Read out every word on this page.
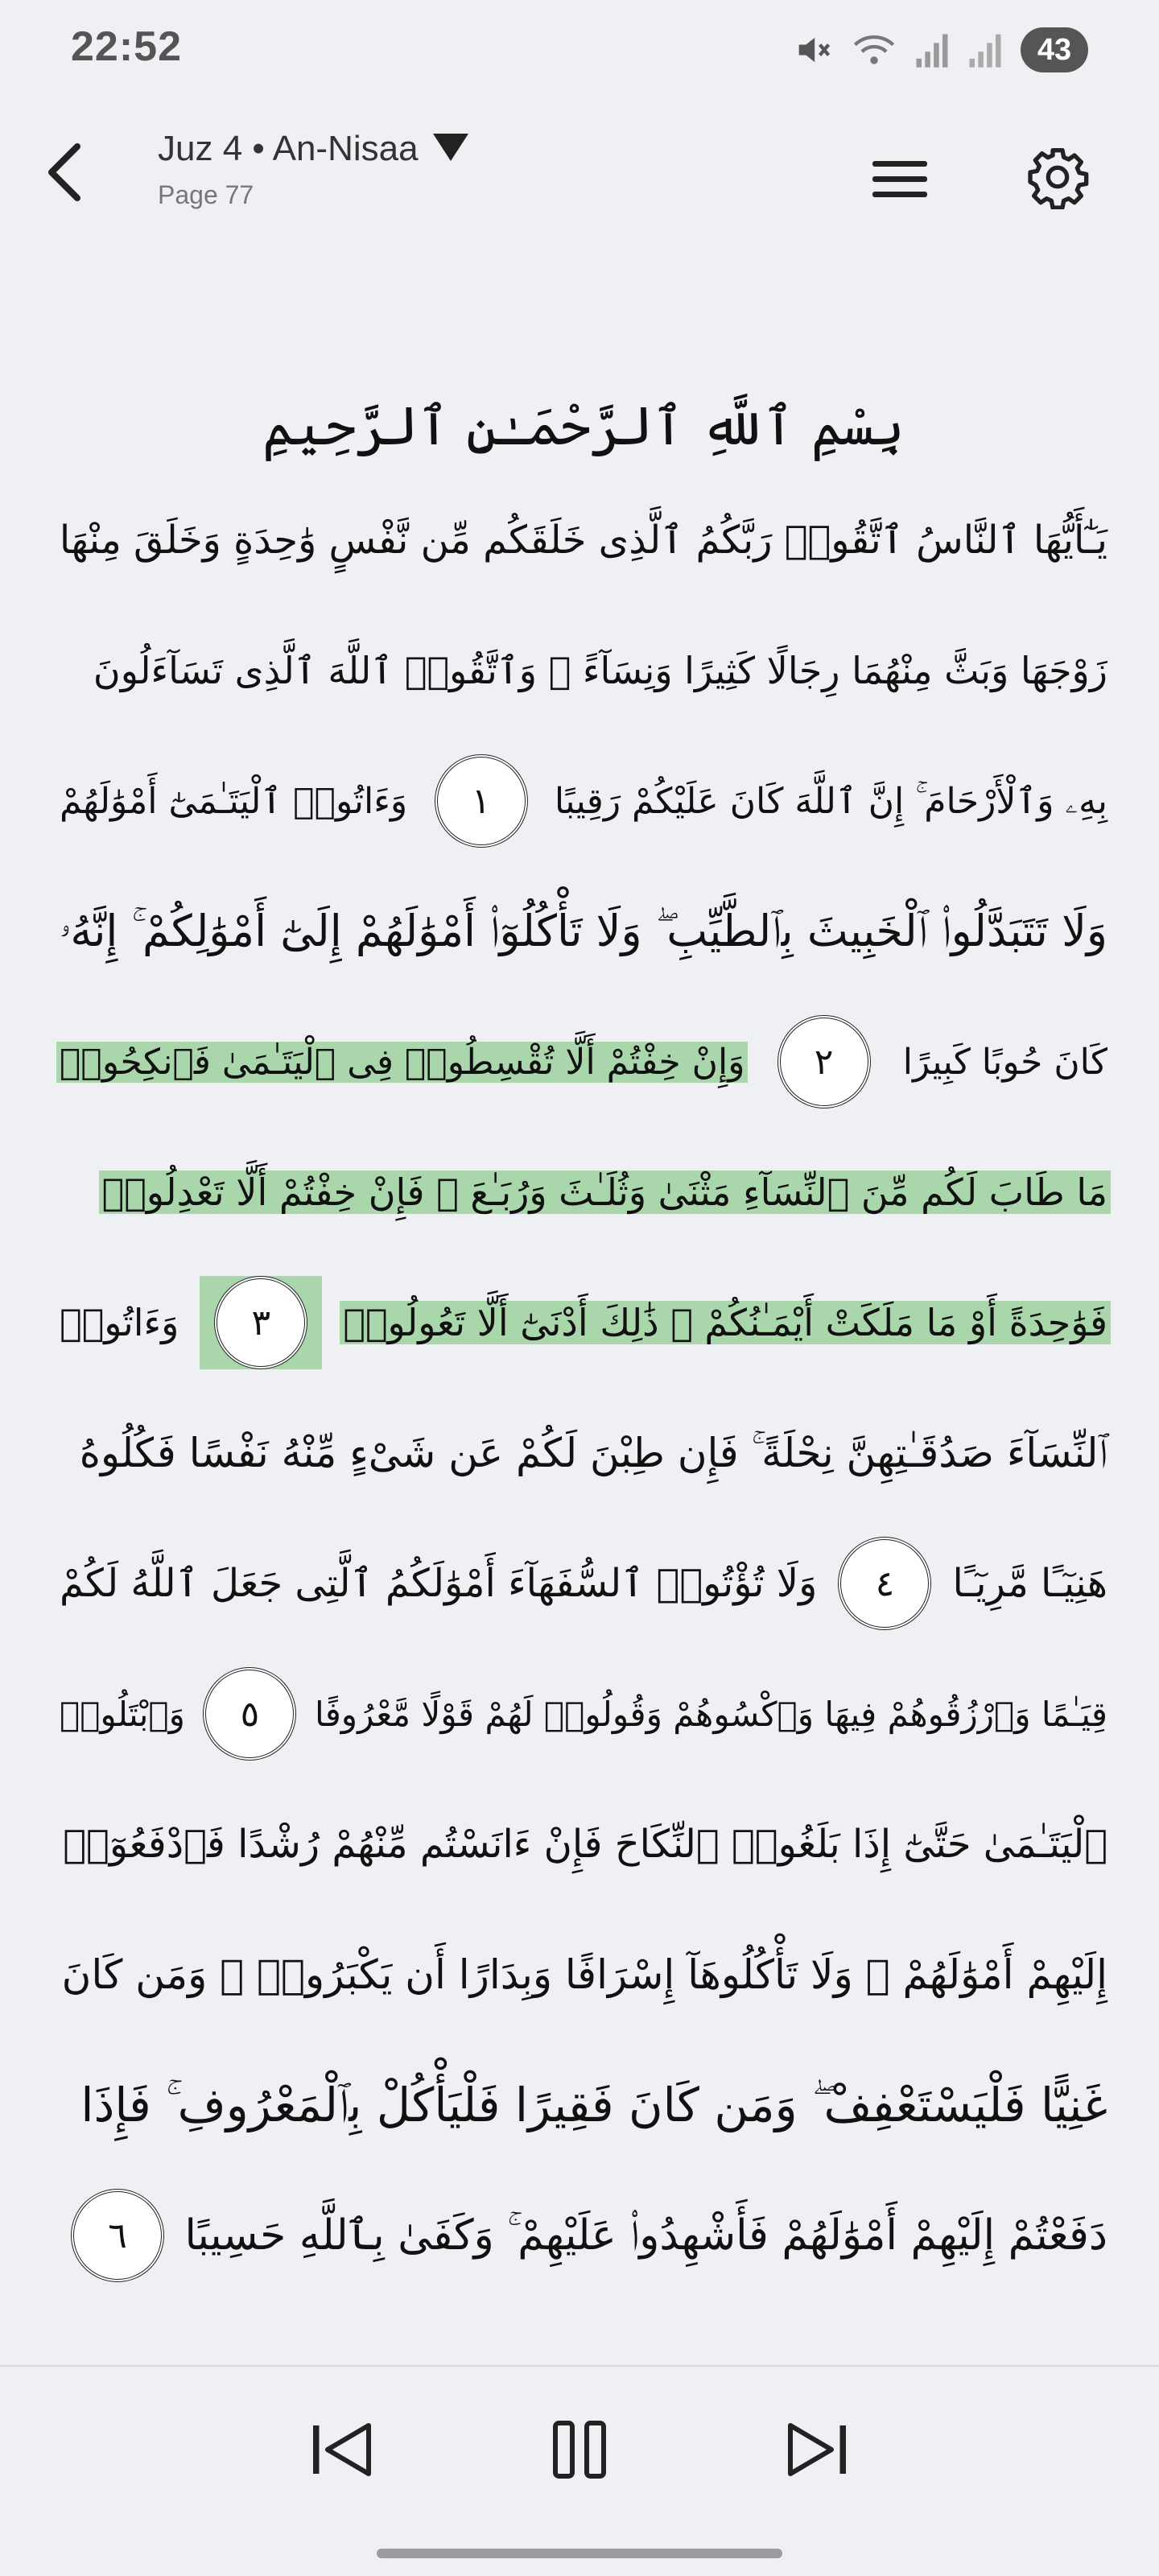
22:52	43
Juz 4 • An-Nisaa
Page 77
بِسْمِ ٱللَّهِ ٱلرَّحْمَـٰنِ ٱلرَّحِيمِ
يَـٰٓأَيُّهَا ٱلنَّاسُ ٱتَّقُوا۟ رَبَّكُمُ ٱلَّذِى خَلَقَكُم مِّن نَّفْسٍ وَٰحِدَةٍ وَخَلَقَ مِنْهَا
زَوْجَهَا وَبَثَّ مِنْهُمَا رِجَالًا كَثِيرًا وَنِسَآءً ۚ وَٱتَّقُوا۟ ٱللَّهَ ٱلَّذِى تَسَآءَلُونَ
بِهِۦ وَٱلْأَرْحَامَ ۚ إِنَّ ٱللَّهَ كَانَ عَلَيْكُمْ رَقِيبًا
١
وَءَاتُوا۟ ٱلْيَتَـٰمَىٰٓ أَمْوَٰلَهُمْ
وَلَا تَتَبَدَّلُوا۟ ٱلْخَبِيثَ بِٱلطَّيِّبِ ۖ وَلَا تَأْكُلُوٓا۟ أَمْوَٰلَهُمْ إِلَىٰٓ أَمْوَٰلِكُمْ ۚ إِنَّهُۥ
كَانَ حُوبًا كَبِيرًا
٢
وَإِنْ خِفْتُمْ أَلَّا تُقْسِطُوا۟ فِى ٱلْيَتَـٰمَىٰ فَٱنكِحُوا۟
مَا طَابَ لَكُم مِّنَ ٱلنِّسَآءِ مَثْنَىٰ وَثُلَـٰثَ وَرُبَـٰعَ ۖ فَإِنْ خِفْتُمْ أَلَّا تَعْدِلُوا۟
فَوَٰحِدَةً أَوْ مَا مَلَكَتْ أَيْمَـٰنُكُمْ ۚ ذَٰلِكَ أَدْنَىٰٓ أَلَّا تَعُولُوا۟
٣
وَءَاتُوا۟
ٱلنِّسَآءَ صَدُقَـٰتِهِنَّ نِحْلَةً ۚ فَإِن طِبْنَ لَكُمْ عَن شَىْءٍ مِّنْهُ نَفْسًا فَكُلُوهُ
هَنِيٓـًا مَّرِيٓـًا
٤
وَلَا تُؤْتُوا۟ ٱلسُّفَهَآءَ أَمْوَٰلَكُمُ ٱلَّتِى جَعَلَ ٱللَّهُ لَكُمْ
قِيَـٰمًا وَٱرْزُقُوهُمْ فِيهَا وَٱكْسُوهُمْ وَقُولُوا۟ لَهُمْ قَوْلًا مَّعْرُوفًا
٥
وَٱبْتَلُوا۟
ٱلْيَتَـٰمَىٰ حَتَّىٰٓ إِذَا بَلَغُوا۟ ٱلنِّكَاحَ فَإِنْ ءَانَسْتُم مِّنْهُمْ رُشْدًا فَٱدْفَعُوٓا۟
إِلَيْهِمْ أَمْوَٰلَهُمْ ۖ وَلَا تَأْكُلُوهَآ إِسْرَافًا وَبِدَارًا أَن يَكْبَرُوا۟ ۚ وَمَن كَانَ
غَنِيًّا فَلْيَسْتَعْفِفْ ۖ وَمَن كَانَ فَقِيرًا فَلْيَأْكُلْ بِٱلْمَعْرُوفِ ۚ فَإِذَا
دَفَعْتُمْ إِلَيْهِمْ أَمْوَٰلَهُمْ فَأَشْهِدُوا۟ عَلَيْهِمْ ۚ وَكَفَىٰ بِٱللَّهِ حَسِيبًا
٦
